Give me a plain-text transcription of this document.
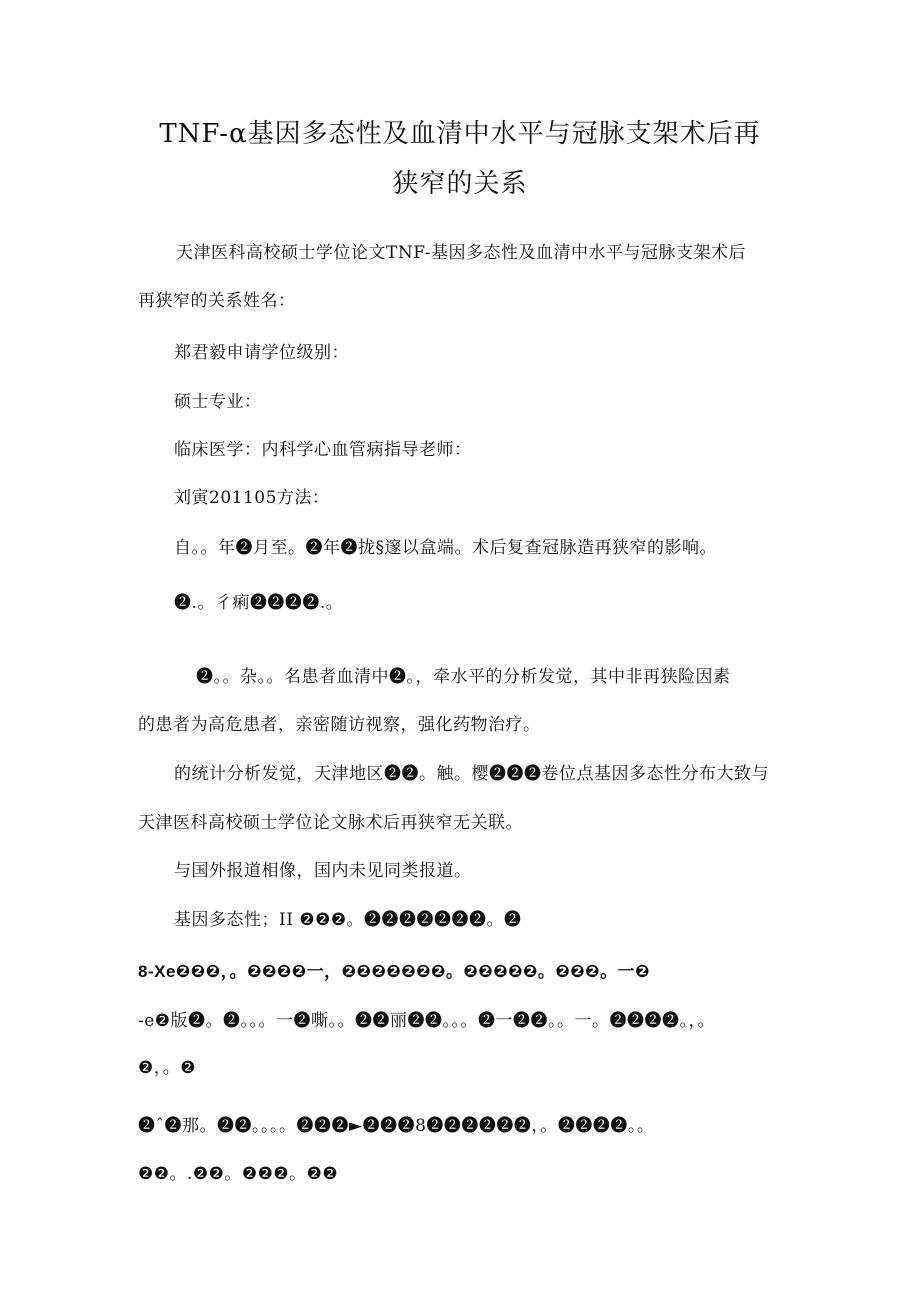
TNF-α基因多态性及血清中水平与冠脉支架术后再
狭窄的关系
天津医科高校硕士学位论文TNF-基因多态性及血清中水平与冠脉支架术后
再狭窄的关系姓名：
郑君毅申请学位级别：
硕士专业：
临床医学：内科学心血管病指导老师：
刘寅201105方法：
自。。年❷月至。❷年❷拢§邃以盒端。术后复查冠脉造再狭窄的影响。
❷.。彳痢❷❷❷❷.。
❷。。杂。。名患者血清中❷。，牵水平的分析发觉，其中非再狭险因素
的患者为高危患者，亲密随访视察，强化药物治疗。
的统计分析发觉，天津地区❷❷。触。樱❷❷❷卷位点基因多态性分布大致与
天津医科高校硕士学位论文脉术后再狭窄无关联。
与国外报道相像，国内未见同类报道。
基因多态性；II ❷❷❷。❷❷❷❷❷❷❷。❷
8-Xe❷❷❷，。❷❷❷❷一，❷❷❷❷❷❷❷。❷❷❷❷❷。❷❷❷。一❷
-e❷版❷。❷。。。一❷嘶。。❷❷丽❷❷。。。❷一❷❷。。一。❷❷❷❷。，。
❷，。❷
❷ˆ❷那。❷❷。。。。❷❷❷►❷❷❷8❷❷❷❷❷❷，。❷❷❷❷。。
❷❷。.❷❷。❷❷❷。❷❷
